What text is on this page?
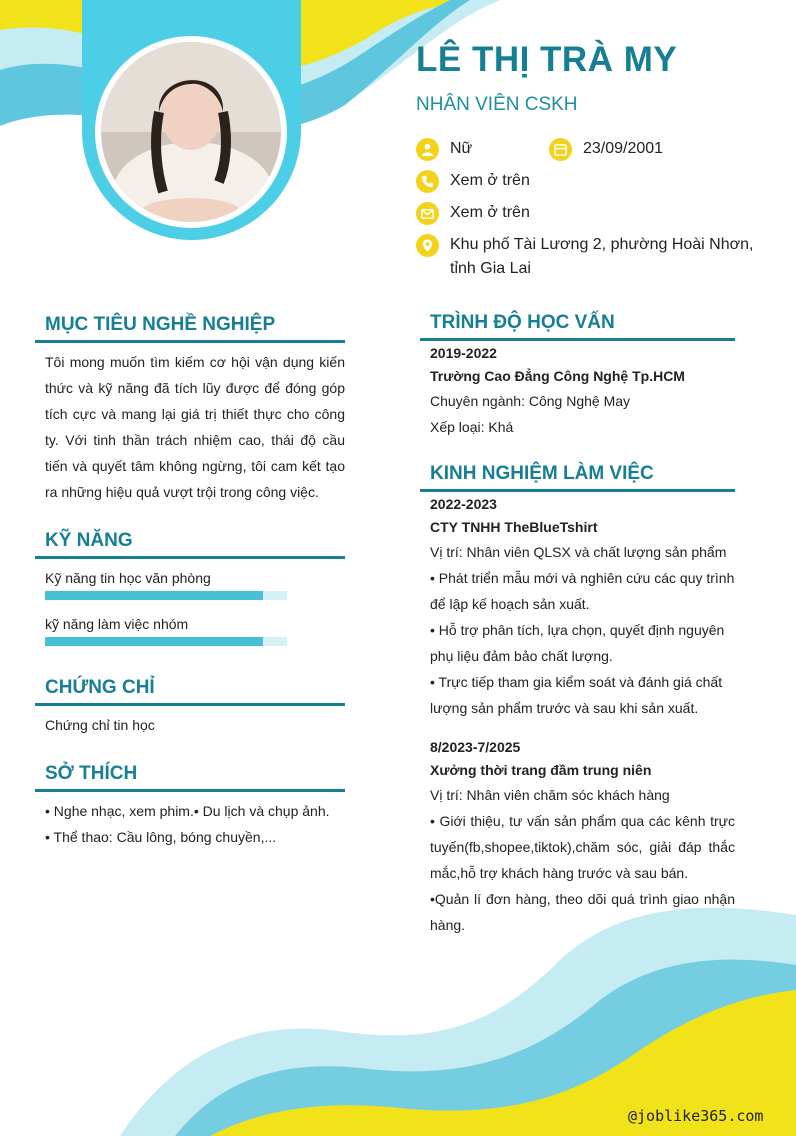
LÊ THỊ TRÀ MY
NHÂN VIÊN CSKH
Nữ	23/09/2001
Xem ở trên
Xem ở trên
Khu phố Tài Lương 2, phường Hoài Nhơn, tỉnh Gia Lai
MỤC TIÊU NGHỀ NGHIỆP
Tôi mong muốn tìm kiếm cơ hội vận dụng kiến thức và kỹ năng đã tích lũy được để đóng góp tích cực và mang lại giá trị thiết thực cho công ty. Với tinh thần trách nhiệm cao, thái độ cầu tiến và quyết tâm không ngừng, tôi cam kết tạo ra những hiệu quả vượt trội trong công việc.
KỸ NĂNG
Kỹ năng tin học văn phòng
kỹ năng làm việc nhóm
CHỨNG CHỈ
Chứng chỉ tin học
SỞ THÍCH
• Nghe nhạc, xem phim.• Du lịch và chụp ảnh.
• Thể thao: Cầu lông, bóng chuyền,...
TRÌNH ĐỘ HỌC VẤN
2019-2022
Trường Cao Đẳng Công Nghệ Tp.HCM
Chuyên ngành: Công Nghệ May
Xếp loại: Khá
KINH NGHIỆM LÀM VIỆC
2022-2023
CTY TNHH TheBlueTshirt
Vị trí: Nhân viên QLSX và chất lượng sản phẩm
• Phát triển mẫu mới và nghiên cứu các quy trình để lập kế hoạch sản xuất.
• Hỗ trợ phân tích, lựa chọn, quyết định nguyên phụ liệu đảm bảo chất lượng.
• Trực tiếp tham gia kiểm soát và đánh giá chất lượng sản phẩm trước và sau khi sản xuất.
8/2023-7/2025
Xưởng thời trang đầm trung niên
Vị trí: Nhân viên chăm sóc khách hàng
• Giới thiệu, tư vấn sản phẩm qua các kênh trực tuyến(fb,shopee,tiktok),chăm sóc, giải đáp thắc mắc,hỗ trợ khách hàng trước và sau bán.
•Quản lí đơn hàng, theo dõi quá trình giao nhận hàng.
@joblike365.com
